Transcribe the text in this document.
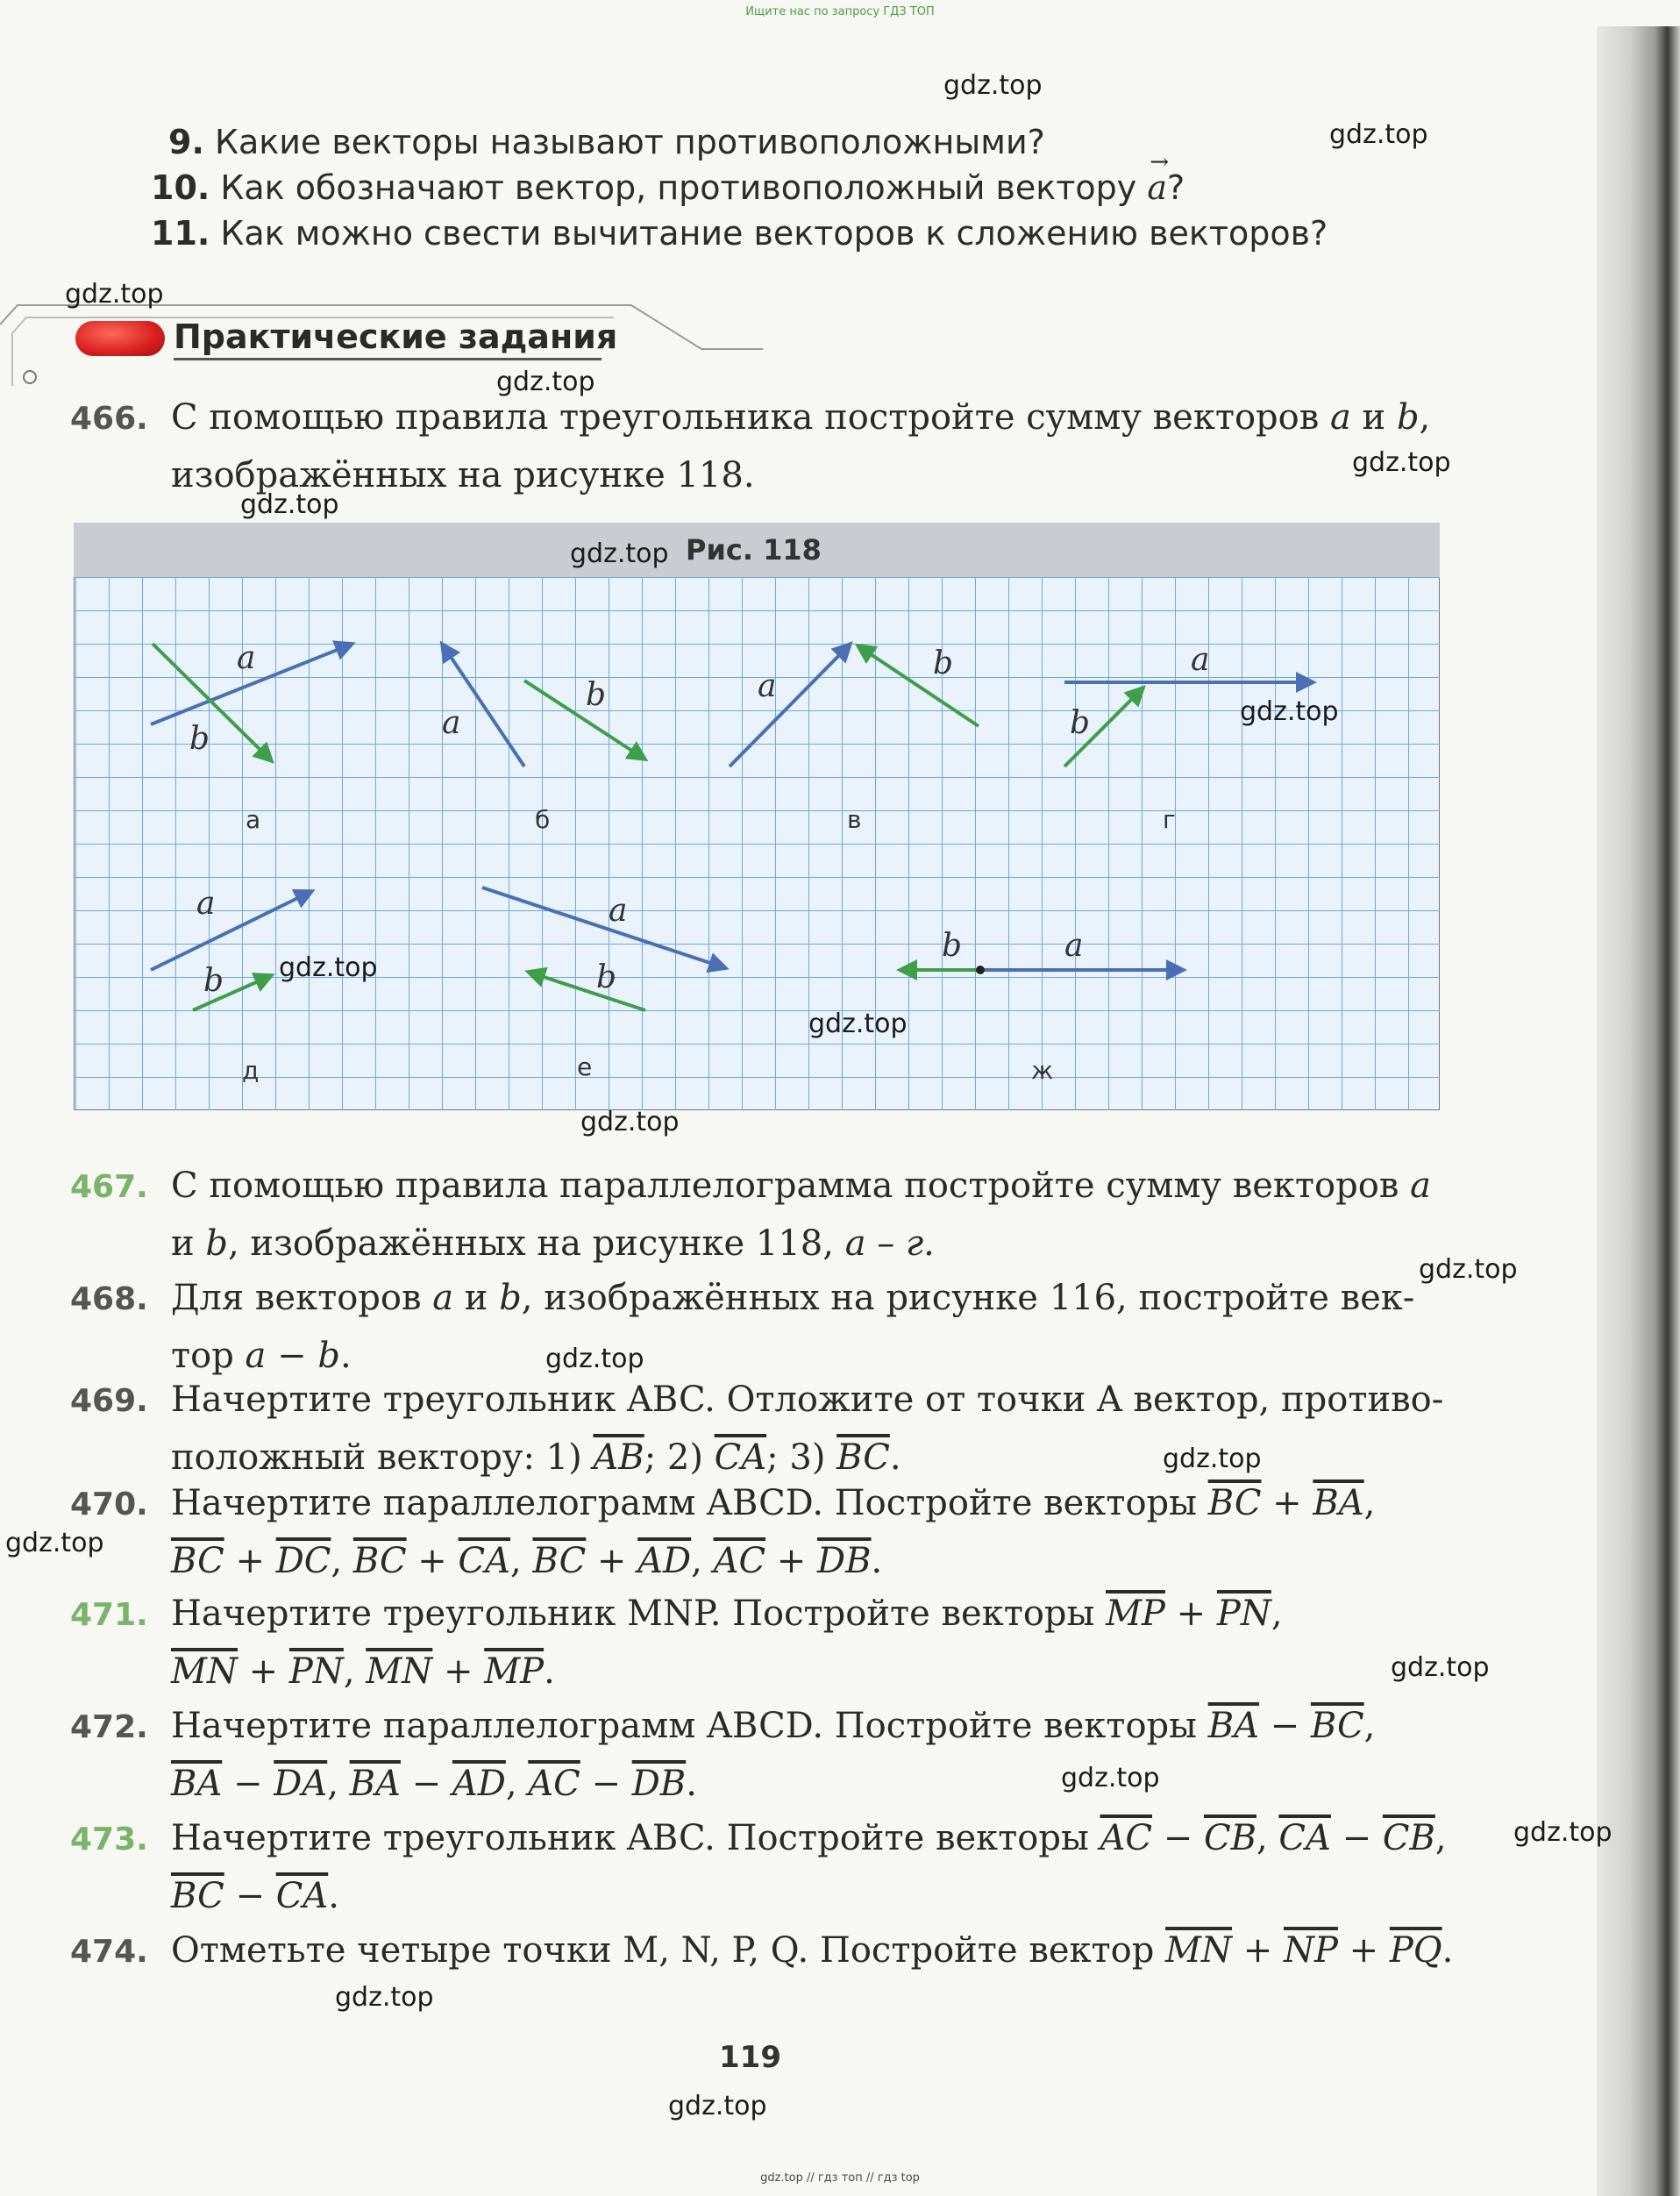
Ищите нас по запросу ГДЗ ТОП
9. Какие векторы называют противоположными?
10. Как обозначают вектор, противоположный вектору
→
a?
11. Как можно свести вычитание векторов к сложению векторов?
Практические задания
466. С помощью правила треугольника постройте сумму векторов a и b,
изображённых на рисунке 118.
Рис. 118
a
b
а
a
b
б
a
b
в
a
b
г
a
b
д
a
b
е
a
b
ж
467. С помощью правила параллелограмма постройте сумму векторов a
и b, изображённых на рисунке 118, а – г.
468. Для векторов a и b, изображённых на рисунке 116, постройте век-
тор a − b.
469. Начертите треугольник ABC. Отложите от точки A вектор, противо-
положный вектору: 1) $\overline{AB}$; 2) $\overline{CA}$; 3) $\overline{BC}$.
470. Начертите параллелограмм ABCD. Постройте векторы $\overline{BC} + \overline{BA}$,
$\overline{BC} + \overline{DC}$, $\overline{BC} + \overline{CA}$, $\overline{BC} + \overline{AD}$, $\overline{AC} + \overline{DB}$.
471. Начертите треугольник MNP. Постройте векторы $\overline{MP} + \overline{PN}$,
$\overline{MN} + \overline{PN}$, $\overline{MN} + \overline{MP}$.
472. Начертите параллелограмм ABCD. Постройте векторы $\overline{BA} - \overline{BC}$,
$\overline{BA} - \overline{DA}$, $\overline{BA} - \overline{AD}$, $\overline{AC} - \overline{DB}$.
473. Начертите треугольник ABC. Постройте векторы $\overline{AC} - \overline{CB}$, $\overline{CA} - \overline{CB}$,
$\overline{BC} - \overline{CA}$.
474. Отметьте четыре точки M, N, P, Q. Постройте вектор $\overline{MN} + \overline{NP} + \overline{PQ}$.
119
gdz.top
gdz.top
gdz.top
gdz.top
gdz.top
gdz.top
gdz.top
gdz.top
gdz.top
gdz.top
gdz.top
gdz.top
gdz.top
gdz.top
gdz.top
gdz.top
gdz.top
gdz.top
gdz.top
gdz.top
gdz.top // гдз топ // гдз top
